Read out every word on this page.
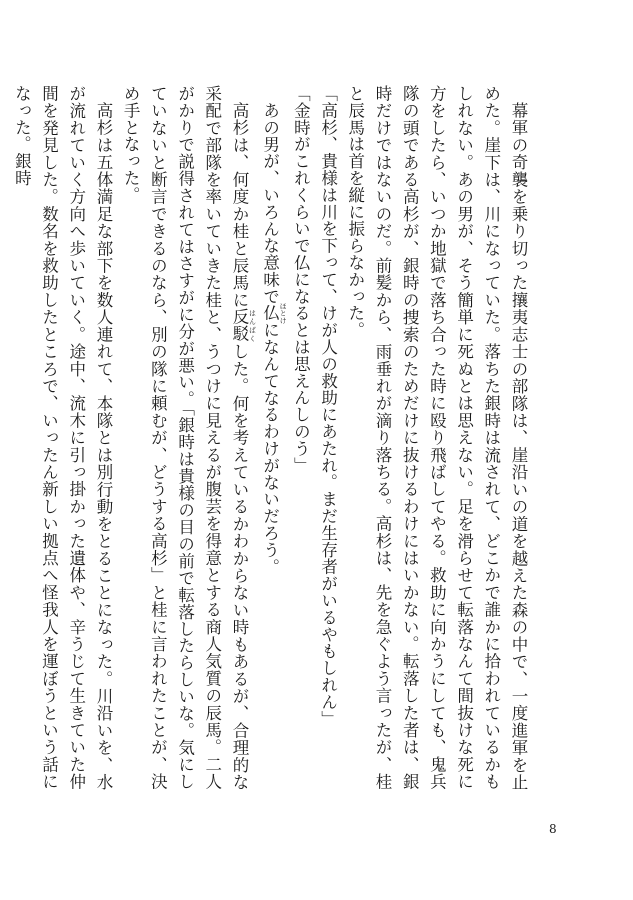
幕軍の奇襲を乗り切った攘夷志士の部隊は、崖沿いの道を越えた森の中で、一度進軍を止めた。崖下は、川になっていた。落ちた銀時は流されて、どこかで誰かに拾われているかもしれない。あの男が、そう簡単に死ぬとは思えない。足を滑らせて転落なんて間抜けな死に方をしたら、いつか地獄で落ち合った時に殴り飛ばしてやる。救助に向かうにしても、鬼兵隊の頭である高杉が、銀時の捜索のためだけに抜けるわけにはいかない。転落した者は、銀時だけではないのだ。前髪から、雨垂れが滴り落ちる。高杉は、先を急ぐよう言ったが、桂と辰馬は首を縦に振らなかった。

「高杉、貴様は川を下って、けが人の救助にあたれ。まだ生存者がいるやもしれん」

「金時がこれくらいで仏になるとは思えんしのう」

あの男が、いろんな意味で仏 ほとけになんてなるわけがないだろう。

高杉は、何度か桂と辰馬に反駁 はんばくした。何を考えているかわからない時もあるが、合理的な采配で部隊を率いていきた桂と、うつけに見えるが腹芸を得意とする商人気質の辰馬。二人がかりで説得されてはさすがに分が悪い。「銀時は貴様の目の前で転落したらしいな。気にしていないと断言できるのなら、別の隊に頼むが、どうする高杉」と桂に言われたことが、決め手となった。

高杉は五体満足な部下を数人連れて、本隊とは別行動をとることになった。川沿いを、水が流れていく方向へ歩いていく。途中、流木に引っ掛かった遺体や、辛うじて生きていた仲間を発見した。数名を救助したところで、いったん新しい拠点へ怪我人を運ぼうという話になった。銀時

8
